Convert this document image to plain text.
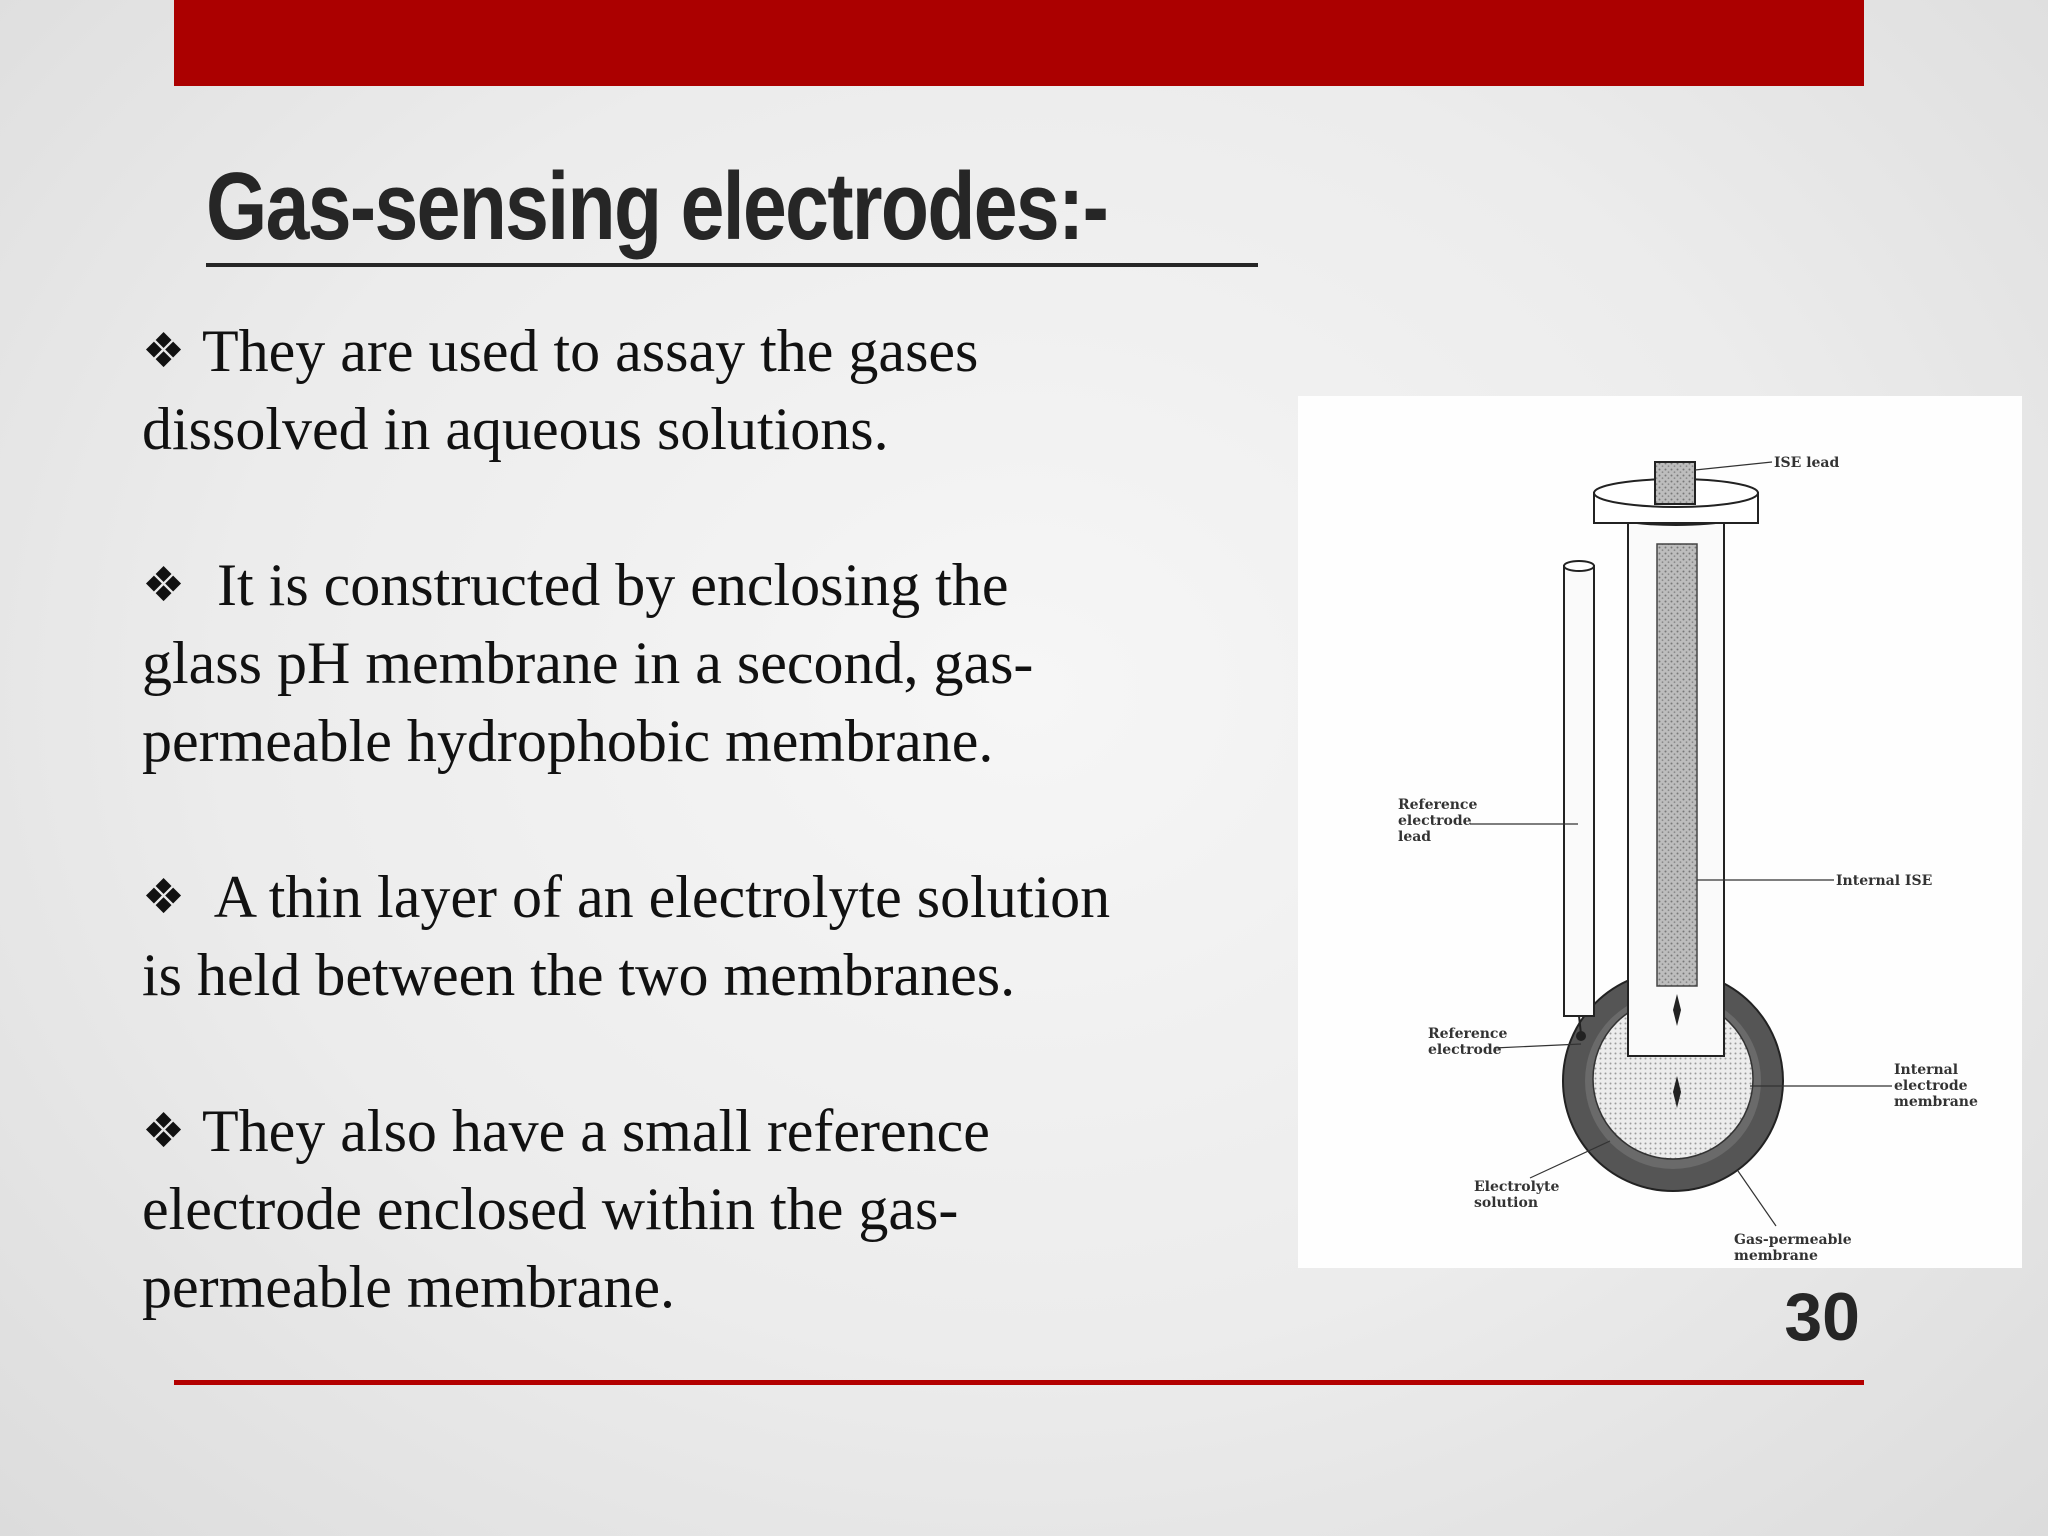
Gas-sensing electrodes:-

❖ They are used to assay the gases dissolved in aqueous solutions.

❖ It is constructed by enclosing the glass pH membrane in a second, gas-permeable hydrophobic membrane.

❖ A thin layer of an electrolyte solution is held between the two membranes.

❖ They also have a small reference electrode enclosed within the gas-permeable membrane.

ISE lead
Reference
electrode
lead
Internal ISE
Reference
electrode
Internal
electrode
membrane
Electrolyte
solution
Gas-permeable
membrane
30
